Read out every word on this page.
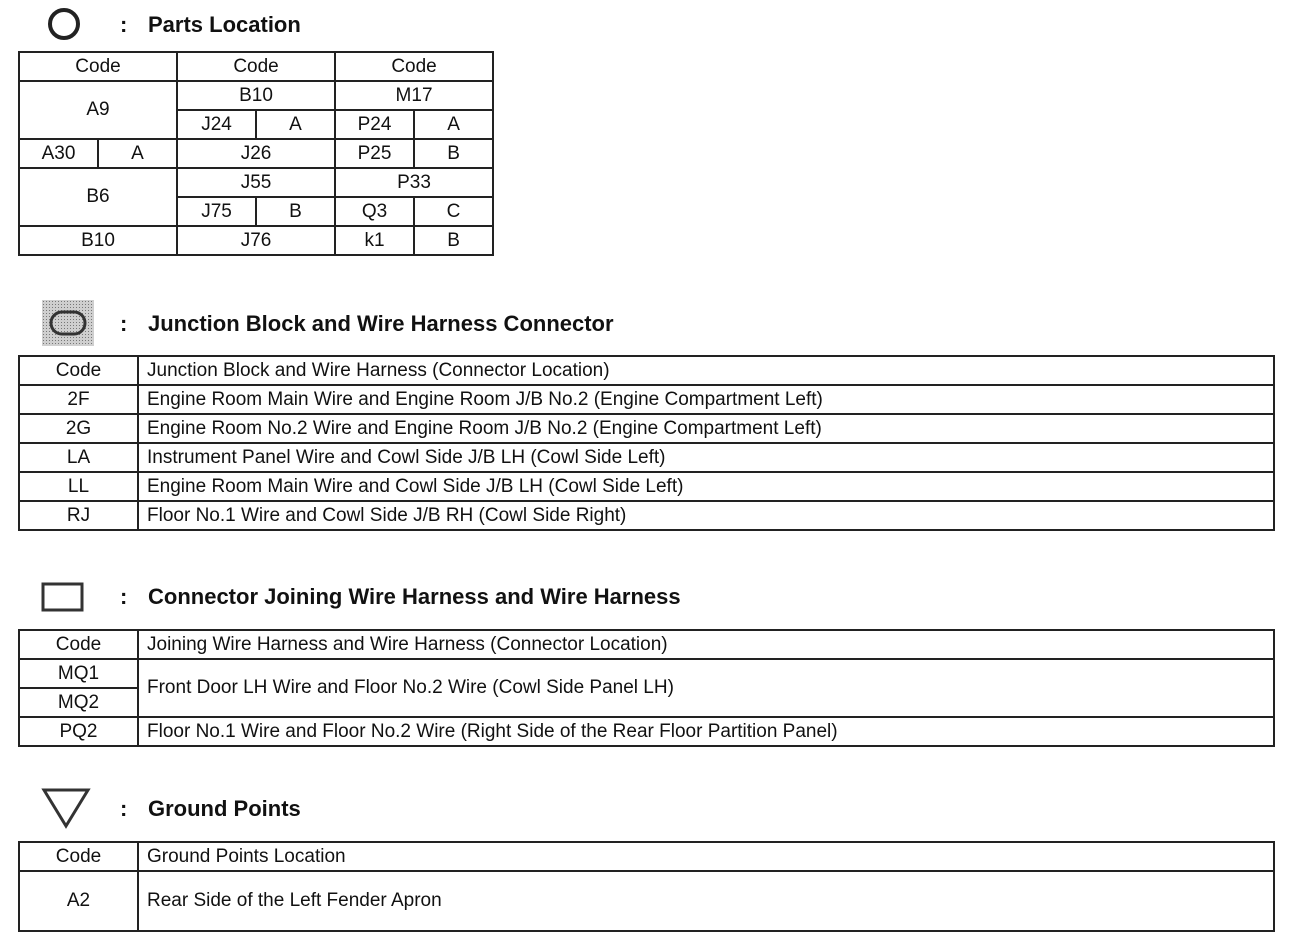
: Parts Location
Code		Code		Code	
A9		B10		M17	
		J24	A	P24	A
A30	A	J26		P25	B
B6		J55		P33	
		J75	B	Q3	C
B10		J76		k1	B
: Junction Block and Wire Harness Connector
Code	Junction Block and Wire Harness (Connector Location)
2F	Engine Room Main Wire and Engine Room J/B No.2 (Engine Compartment Left)
2G	Engine Room No.2 Wire and Engine Room J/B No.2 (Engine Compartment Left)
LA	Instrument Panel Wire and Cowl Side J/B LH (Cowl Side Left)
LL	Engine Room Main Wire and Cowl Side J/B LH (Cowl Side Left)
RJ	Floor No.1 Wire and Cowl Side J/B RH (Cowl Side Right)
: Connector Joining Wire Harness and Wire Harness
Code	Joining Wire Harness and Wire Harness (Connector Location)
MQ1	Front Door LH Wire and Floor No.2 Wire (Cowl Side Panel LH)
MQ2	
PQ2	Floor No.1 Wire and Floor No.2 Wire (Right Side of the Rear Floor Partition Panel)
: Ground Points
Code	Ground Points Location
A2	Rear Side of the Left Fender Apron
